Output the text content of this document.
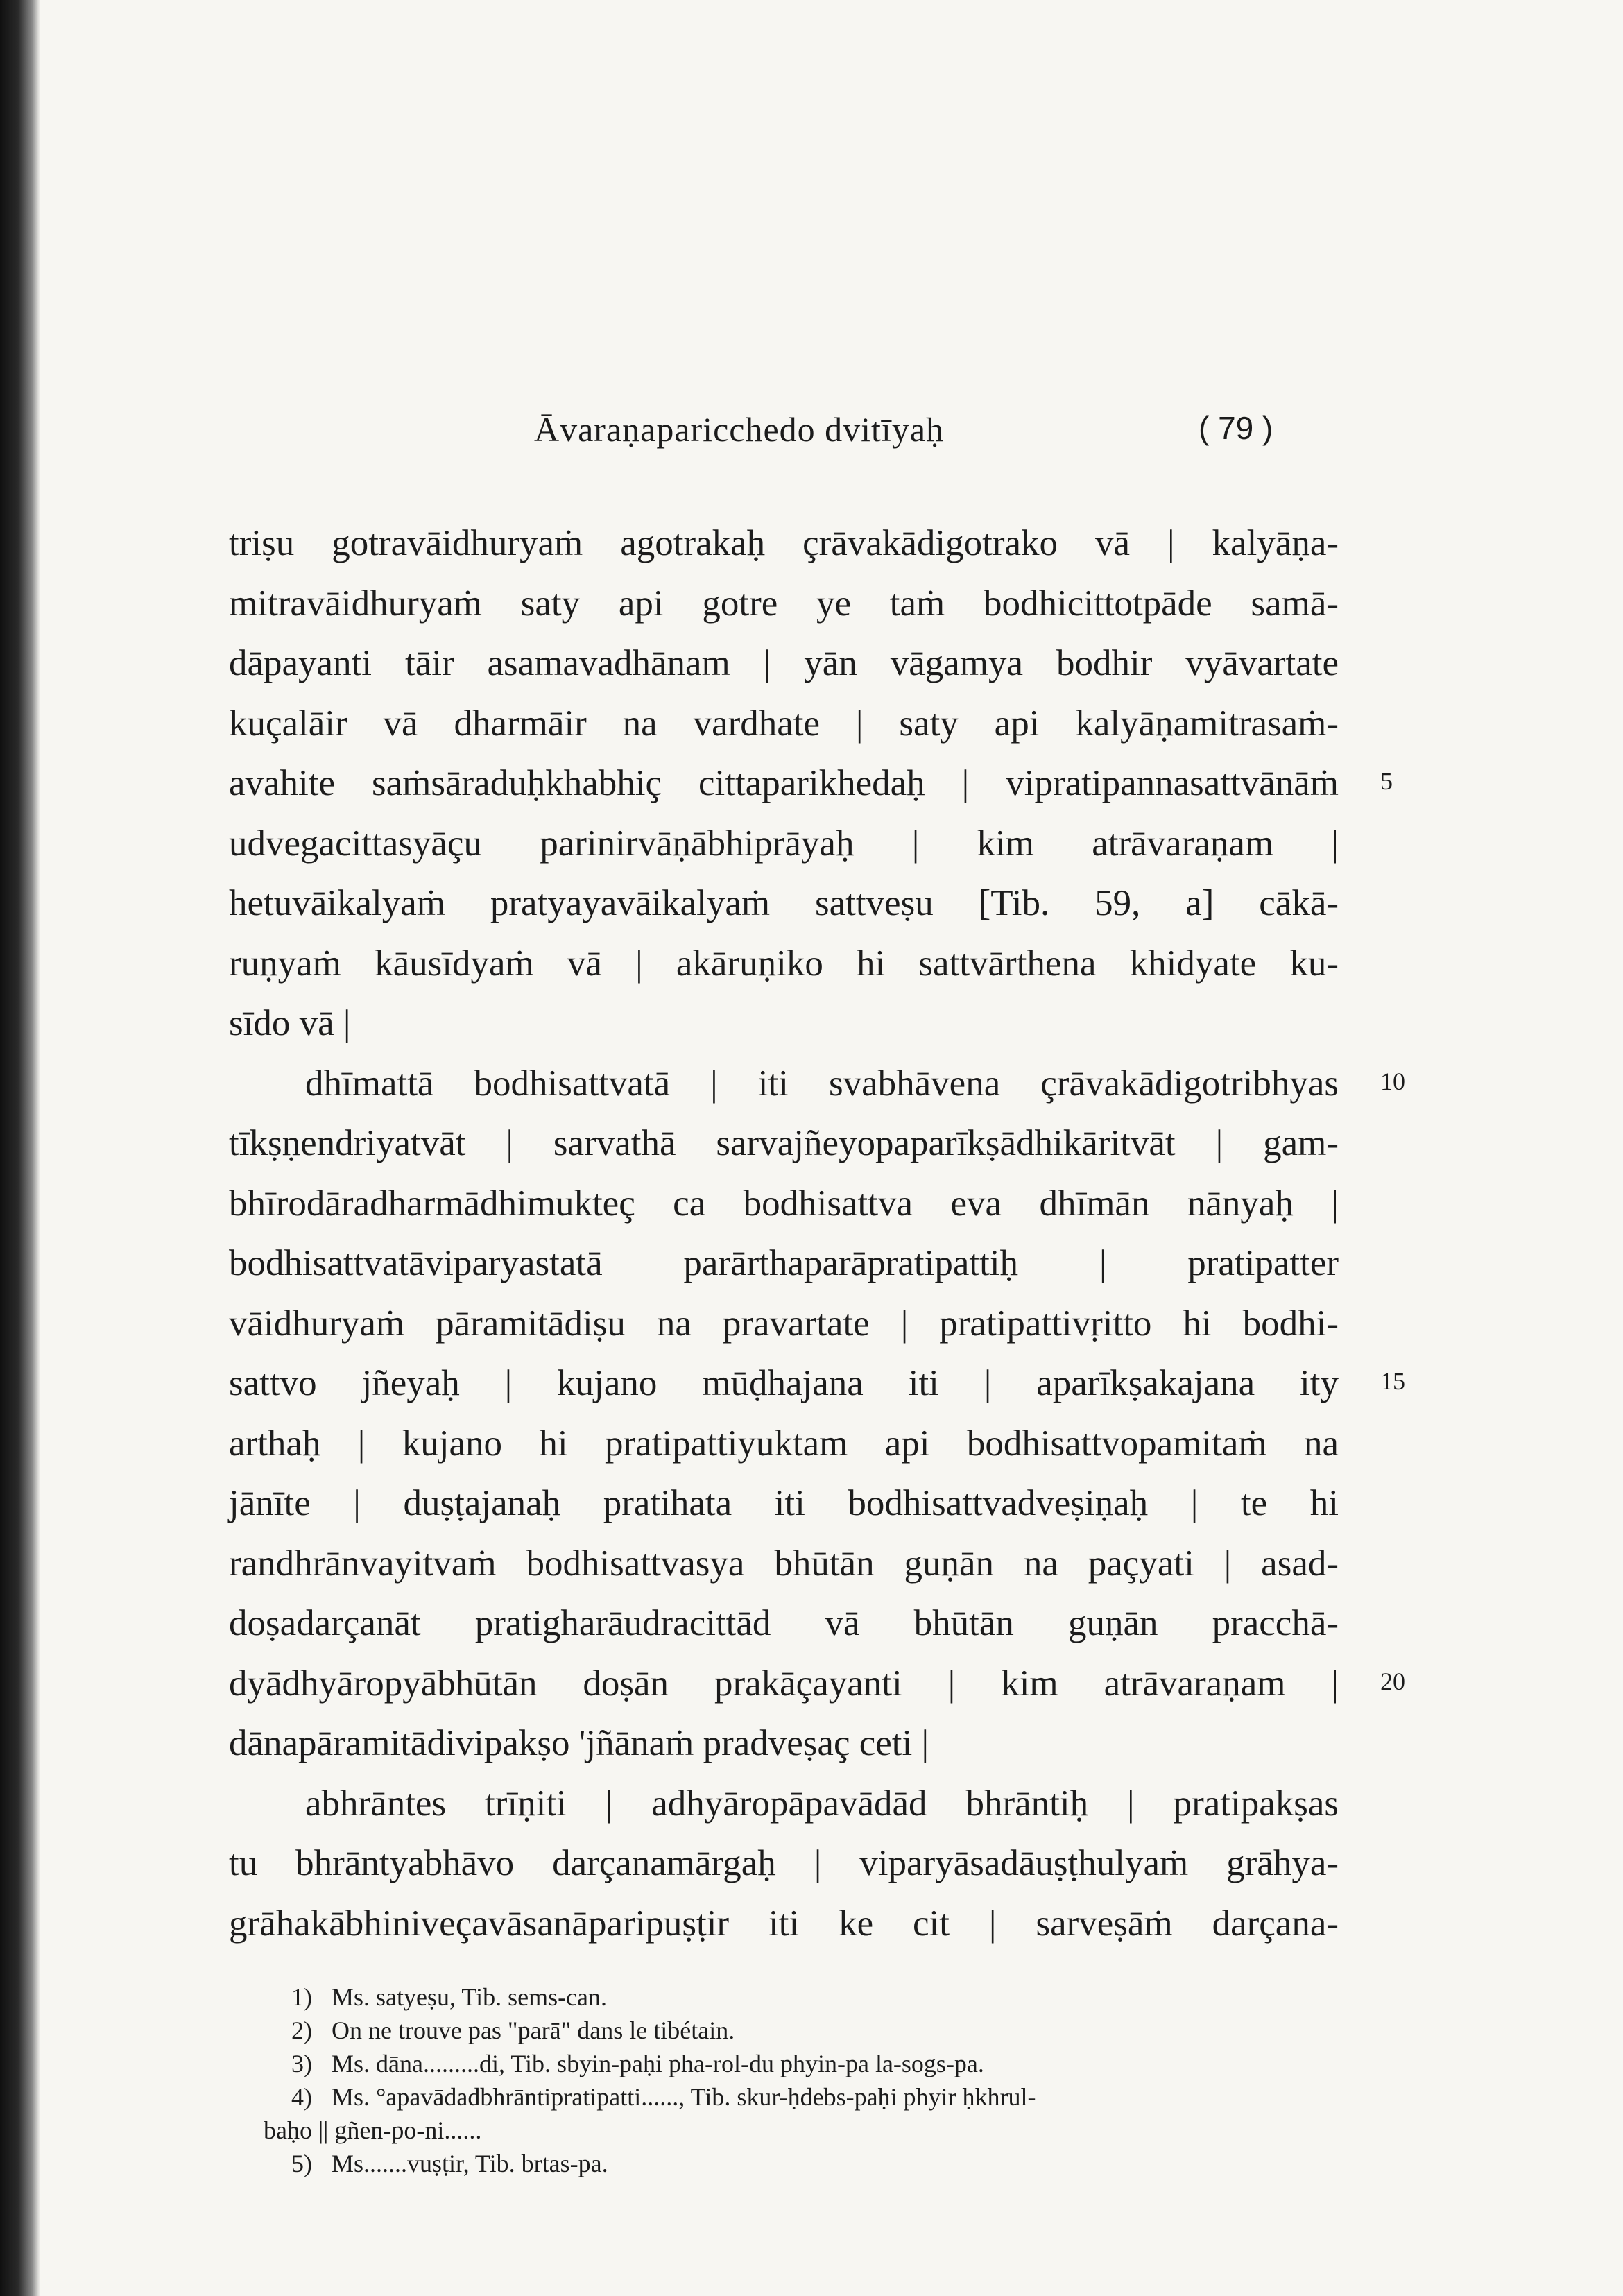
Āvaraṇaparicchedo dvitīyaḥ	( 79 )
triṣu gotravāidhuryaṁ agotrakaḥ çrāvakādigotrako vā | kalyāṇa-
mitravāidhuryaṁ saty api gotre ye taṁ bodhicittotpāde samā-
dāpayanti tāir asamavadhānam | yān vāgamya bodhir vyāvartate
kuçalāir vā dharmāir na vardhate | saty api kalyāṇamitrasaṁ-
avahite saṁsāraduḥkhabhiç cittaparikhedaḥ | vipratipannasattvānāṁ
udvegacittasyāçu parinirvāṇābhiprāyaḥ | kim atrāvaraṇam |
hetuvāikalyaṁ pratyayavāikalyaṁ sattveṣu [Tib. 59, a] cākā-
ruṇyaṁ kāusīdyaṁ vā | akāruṇiko hi sattvārthena khidyate ku-
sīdo vā |
dhīmattā bodhisattvatā | iti svabhāvena çrāvakādigotribhyas
tīkṣṇendriyatvāt | sarvathā sarvajñeyopaparīkṣādhikāritvāt | gam-
bhīrodāradharmādhimukteç ca bodhisattva eva dhīmān nānyaḥ |
bodhisattvatāviparyastatā parārthaparāpratipattiḥ | pratipatter
vāidhuryaṁ pāramitādiṣu na pravartate | pratipattivṛitto hi bodhi-
sattvo jñeyaḥ | kujano mūḍhajana iti | aparīkṣakajana ity
arthaḥ | kujano hi pratipattiyuktam api bodhisattvopamitaṁ na
jānīte | duṣṭajanaḥ pratihata iti bodhisattvadveṣiṇaḥ | te hi
randhrānvayitvaṁ bodhisattvasya bhūtān guṇān na paçyati | asad-
doṣadarçanāt pratigharāudracittād vā bhūtān guṇān pracchā-
dyādhyāropyābhūtān doṣān prakāçayanti | kim atrāvaraṇam |
dānapāramitādivipakṣo 'jñānaṁ pradveṣaç ceti |
abhrāntes trīṇiti | adhyāropāpavādād bhrāntiḥ | pratipakṣas
tu bhrāntyabhāvo darçanamārgaḥ | viparyāsadāuṣṭhulyaṁ grāhya-
grāhakābhiniveçavāsanāparipuṣṭir iti ke cit | sarveṣāṁ darçana-
5
10
15
20
1) Ms. satyeṣu, Tib. sems-can.
2) On ne trouve pas "parā" dans le tibétain.
3) Ms. dāna.........di, Tib. sbyin-paḥi pha-rol-du phyin-pa la-sogs-pa.
4) Ms. °apavādadbhrāntipratipatti......, Tib. skur-ḥdebs-paḥi phyir ḥkhrul-
baḥo || gñen-po-ni......
5) Ms.......vuṣṭir, Tib. brtas-pa.
